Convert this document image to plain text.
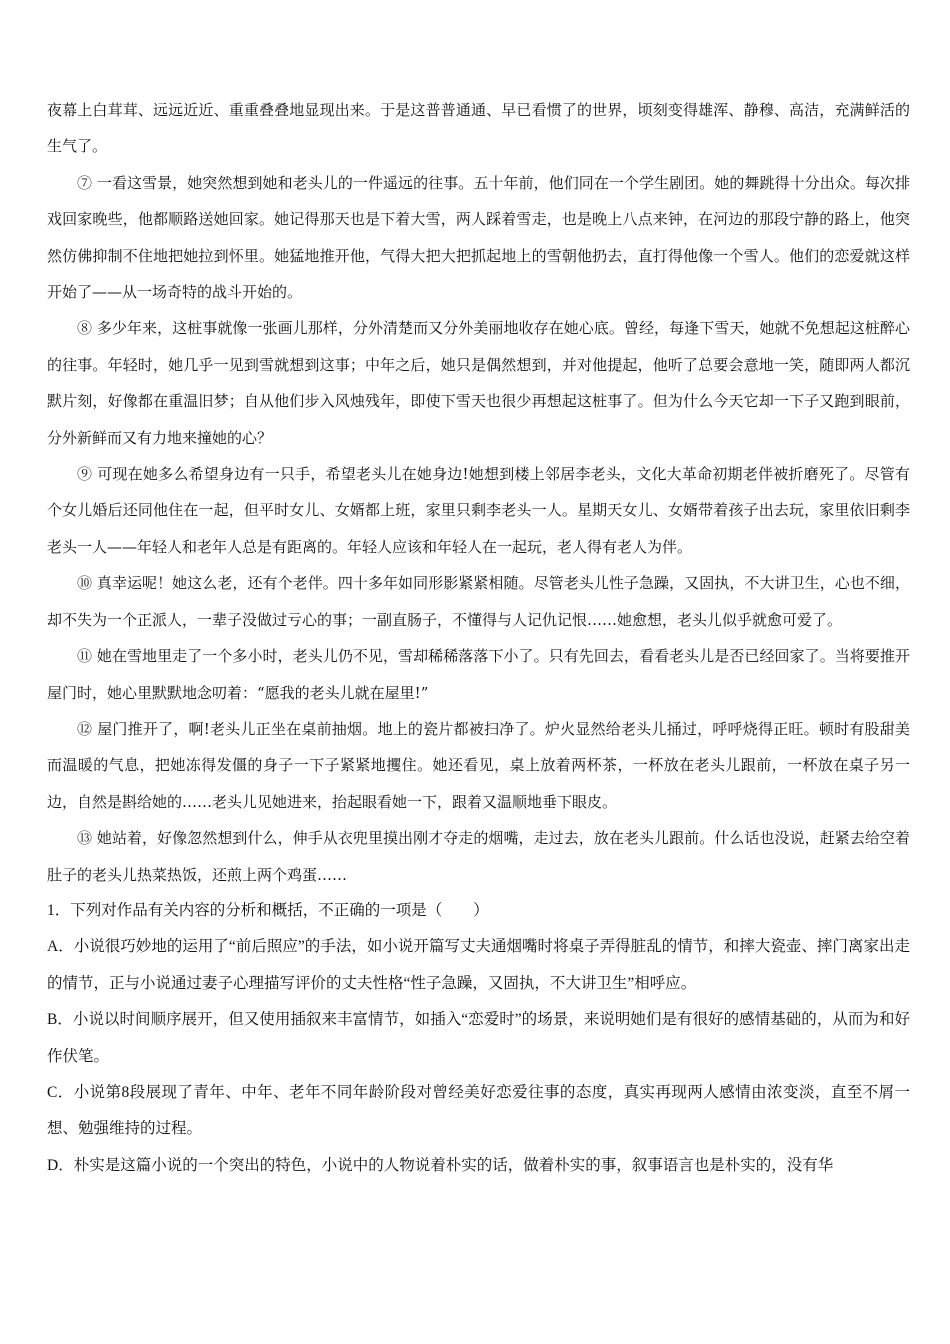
夜幕上白茸茸、远远近近、重重叠叠地显现出来。于是这普普通通、早已看惯了的世界，顷刻变得雄浑、静穆、高洁，充满鲜活的生气了。

⑦ 一看这雪景，她突然想到她和老头儿的一件遥远的往事。五十年前，他们同在一个学生剧团。她的舞跳得十分出众。每次排戏回家晚些，他都顺路送她回家。她记得那天也是下着大雪，两人踩着雪走，也是晚上八点来钟，在河边的那段宁静的路上，他突然仿佛抑制不住地把她拉到怀里。她猛地推开他，气得大把大把抓起地上的雪朝他扔去，直打得他像一个雪人。他们的恋爱就这样开始了——从一场奇特的战斗开始的。

⑧ 多少年来，这桩事就像一张画儿那样，分外清楚而又分外美丽地收存在她心底。曾经，每逢下雪天，她就不免想起这桩醉心的往事。年轻时，她几乎一见到雪就想到这事；中年之后，她只是偶然想到，并对他提起，他听了总要会意地一笑，随即两人都沉默片刻，好像都在重温旧梦；自从他们步入风烛残年，即使下雪天也很少再想起这桩事了。但为什么今天它却一下子又跑到眼前，分外新鲜而又有力地来撞她的心？

⑨ 可现在她多么希望身边有一只手，希望老头儿在她身边!她想到楼上邻居李老头，文化大革命初期老伴被折磨死了。尽管有个女儿婚后还同他住在一起，但平时女儿、女婿都上班，家里只剩李老头一人。星期天女儿、女婿带着孩子出去玩，家里依旧剩李老头一人——年轻人和老年人总是有距离的。年轻人应该和年轻人在一起玩，老人得有老人为伴。

⑩ 真幸运呢！她这么老，还有个老伴。四十多年如同形影紧紧相随。尽管老头儿性子急躁，又固执，不大讲卫生，心也不细，却不失为一个正派人，一辈子没做过亏心的事；一副直肠子，不懂得与人记仇记恨……她愈想，老头儿似乎就愈可爱了。

⑪ 她在雪地里走了一个多小时，老头儿仍不见，雪却稀稀落落下小了。只有先回去，看看老头儿是否已经回家了。当将要推开屋门时，她心里默默地念叨着：“愿我的老头儿就在屋里!”

⑫ 屋门推开了，啊!老头儿正坐在桌前抽烟。地上的瓷片都被扫净了。炉火显然给老头儿捅过，呼呼烧得正旺。顿时有股甜美而温暖的气息，把她冻得发僵的身子一下子紧紧地攫住。她还看见，桌上放着两杯茶，一杯放在老头儿跟前，一杯放在桌子另一边，自然是斟给她的……老头儿见她进来，抬起眼看她一下，跟着又温顺地垂下眼皮。

⑬ 她站着，好像忽然想到什么，伸手从衣兜里摸出刚才夺走的烟嘴，走过去，放在老头儿跟前。什么话也没说，赶紧去给空着肚子的老头儿热菜热饭，还煎上两个鸡蛋……

1．下列对作品有关内容的分析和概括，不正确的一项是（　　）

A．小说很巧妙地的运用了“前后照应”的手法，如小说开篇写丈夫通烟嘴时将桌子弄得脏乱的情节，和摔大瓷壶、摔门离家出走的情节，正与小说通过妻子心理描写评价的丈夫性格“性子急躁，又固执，不大讲卫生”相呼应。

B．小说以时间顺序展开，但又使用插叙来丰富情节，如插入“恋爱时”的场景，来说明她们是有很好的感情基础的，从而为和好作伏笔。

C．小说第8段展现了青年、中年、老年不同年龄阶段对曾经美好恋爱往事的态度，真实再现两人感情由浓变淡，直至不屑一想、勉强维持的过程。

D．朴实是这篇小说的一个突出的特色，小说中的人物说着朴实的话，做着朴实的事，叙事语言也是朴实的，没有华
